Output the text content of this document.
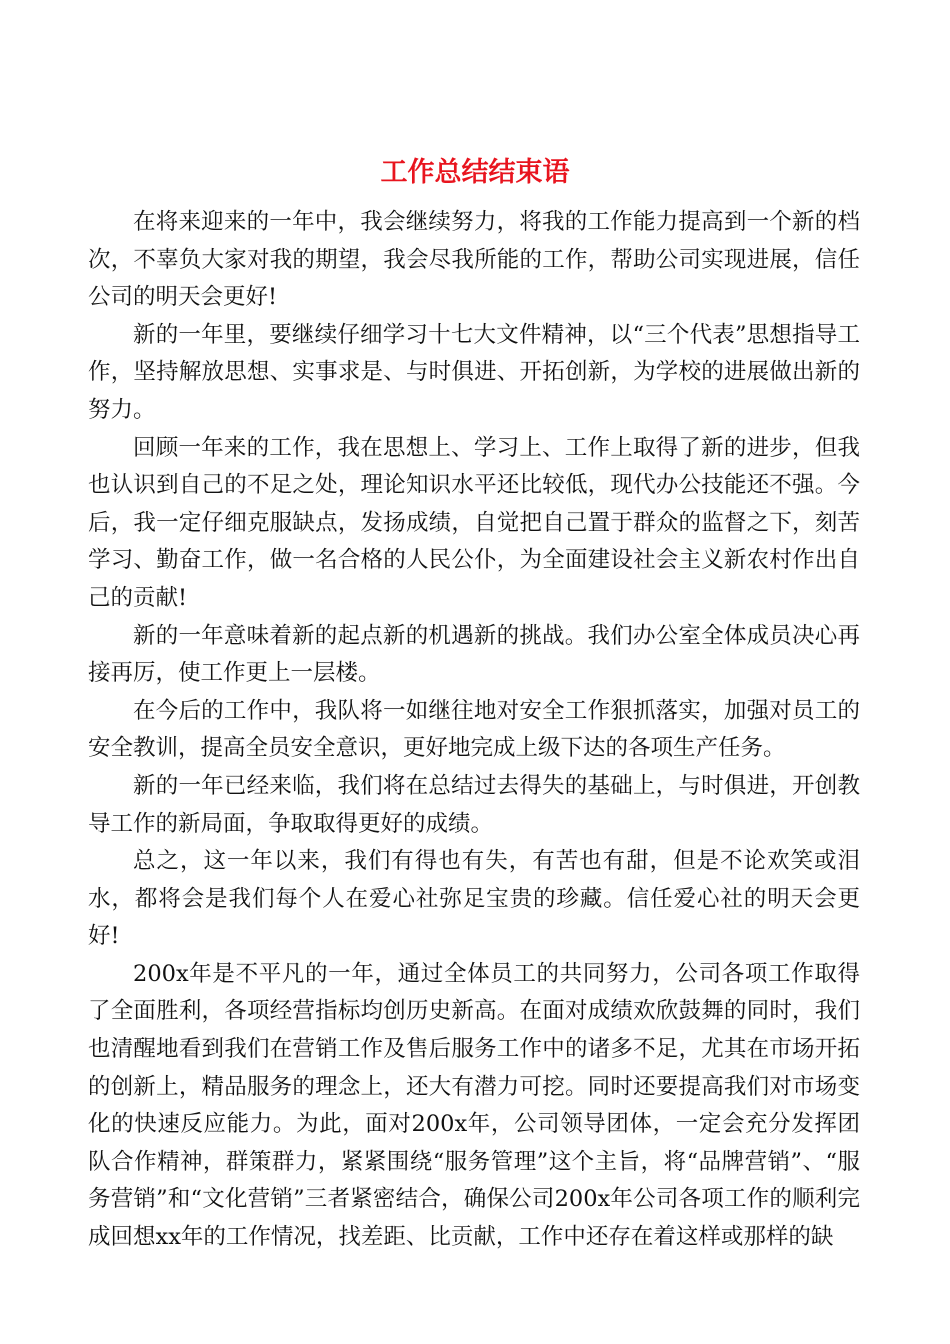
工作总结结束语

在将来迎来的一年中，我会继续努力，将我的工作能力提高到一个新的档次，不辜负大家对我的期望，我会尽我所能的工作，帮助公司实现进展，信任公司的明天会更好!

新的一年里，要继续仔细学习十七大文件精神，以“三个代表”思想指导工作，坚持解放思想、实事求是、与时俱进、开拓创新，为学校的进展做出新的努力。

回顾一年来的工作，我在思想上、学习上、工作上取得了新的进步，但我也认识到自己的不足之处，理论知识水平还比较低，现代办公技能还不强。今后，我一定仔细克服缺点，发扬成绩，自觉把自己置于群众的监督之下，刻苦学习、勤奋工作，做一名合格的人民公仆，为全面建设社会主义新农村作出自己的贡献!

新的一年意味着新的起点新的机遇新的挑战。我们办公室全体成员决心再接再厉，使工作更上一层楼。

在今后的工作中，我队将一如继往地对安全工作狠抓落实，加强对员工的安全教训，提高全员安全意识，更好地完成上级下达的各项生产任务。

新的一年已经来临，我们将在总结过去得失的基础上，与时俱进，开创教导工作的新局面，争取取得更好的成绩。

总之，这一年以来，我们有得也有失，有苦也有甜，但是不论欢笑或泪水，都将会是我们每个人在爱心社弥足宝贵的珍藏。信任爱心社的明天会更好!

200x年是不平凡的一年，通过全体员工的共同努力，公司各项工作取得了全面胜利，各项经营指标均创历史新高。在面对成绩欢欣鼓舞的同时，我们也清醒地看到我们在营销工作及售后服务工作中的诸多不足，尤其在市场开拓的创新上，精品服务的理念上，还大有潜力可挖。同时还要提高我们对市场变化的快速反应能力。为此，面对200x年，公司领导团体，一定会充分发挥团队合作精神，群策群力，紧紧围绕“服务管理”这个主旨，将“品牌营销”、“服务营销”和“文化营销”三者紧密结合，确保公司200x年公司各项工作的顺利完成回想xx年的工作情况，找差距、比贡献，工作中还存在着这样或那样的缺
